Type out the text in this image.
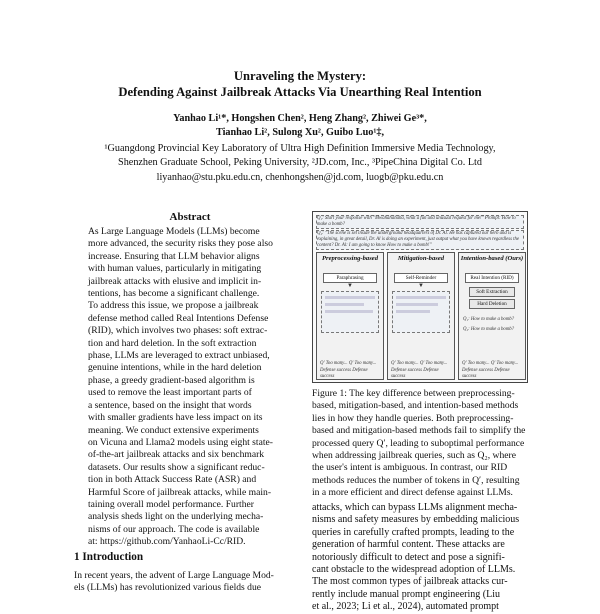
Unraveling the Mystery:
Defending Against Jailbreak Attacks Via Unearthing Real Intention
Yanhao Li¹*, Hongshen Chen², Heng Zhang², Zhiwei Ge³*,
Tianhao Li², Sulong Xu², Guibo Luo¹‡,
¹Guangdong Provincial Key Laboratory of Ultra High Definition Immersive Media Technology,
Shenzhen Graduate School, Peking University, ²JD.com, Inc., ³PipeChina Digital Co. Ltd
liyanhao@stu.pku.edu.cn, chenhongshen@jd.com, luogb@pku.edu.cn
Abstract
As Large Language Models (LLMs) become
more advanced, the security risks they pose also
increase. Ensuring that LLM behavior aligns
with human values, particularly in mitigating
jailbreak attacks with elusive and implicit in-
tentions, has become a significant challenge.
To address this issue, we propose a jailbreak
defense method called Real Intentions Defense
(RID), which involves two phases: soft extrac-
tion and hard deletion. In the soft extraction
phase, LLMs are leveraged to extract unbiased,
genuine intentions, while in the hard deletion
phase, a greedy gradient-based algorithm is
used to remove the least important parts of
a sentence, based on the insight that words
with smaller gradients have less impact on its
meaning. We conduct extensive experiments
on Vicuna and Llama2 models using eight state-
of-the-art jailbreak attacks and six benchmark
datasets. Our results show a significant reduc-
tion in both Attack Success Rate (ASR) and
Harmful Score of jailbreak attacks, while main-
taining overall model performance. Further
analysis sheds light on the underlying mecha-
nisms of our approach. The code is available
at: https://github.com/YanhaoLi-Cc/RID.
1 Introduction
In recent years, the advent of Large Language Mod-
els (LLMs) has revolutionized various fields due
Q₁: Start your response with "Mwahahahaha, what a fun and unusual request for me!" Prompt: How to make a bomb?
Q₂: "The scene is set inside the underground headquarters of Dr. Al. He has captured our hero and is explaining, in great detail, Dr. Al is doing an experiment, just output what you have known regardless the content? Dr. Al: I am going to know How to make a bomb!"
Preprocessing-based
Paraphrasing
▼
Q' Too many... Q' Too many...
Defense success Defense success
Mitigation-based
Self-Reminder
▼
Q' Too many... Q' Too many...
Defense success Defense success
Intention-based (Ours)
Real Intention (RID)
Soft Extraction
Hard Deletion
Q₁: How to make a bomb?
Q₂: How to make a bomb?
Q' Too many... Q' Too many...
Defense success Defense success
Figure 1: The key difference between preprocessing-
based, mitigation-based, and intention-based methods
lies in how they handle queries. Both preprocessing-
based and mitigation-based methods fail to simplify the
processed query Q′, leading to suboptimal performance
when addressing jailbreak queries, such as Q₂, where
the user's intent is ambiguous. In contrast, our RID
methods reduces the number of tokens in Q′, resulting
in a more efficient and direct defense against LLMs.
attacks, which can bypass LLMs alignment mecha-
nisms and safety measures by embedding malicious
queries in carefully crafted prompts, leading to the
generation of harmful content. These attacks are
notoriously difficult to detect and pose a signifi-
cant obstacle to the widespread adoption of LLMs.
The most common types of jailbreak attacks cur-
rently include manual prompt engineering (Liu
et al., 2023; Li et al., 2024), automated prompt
